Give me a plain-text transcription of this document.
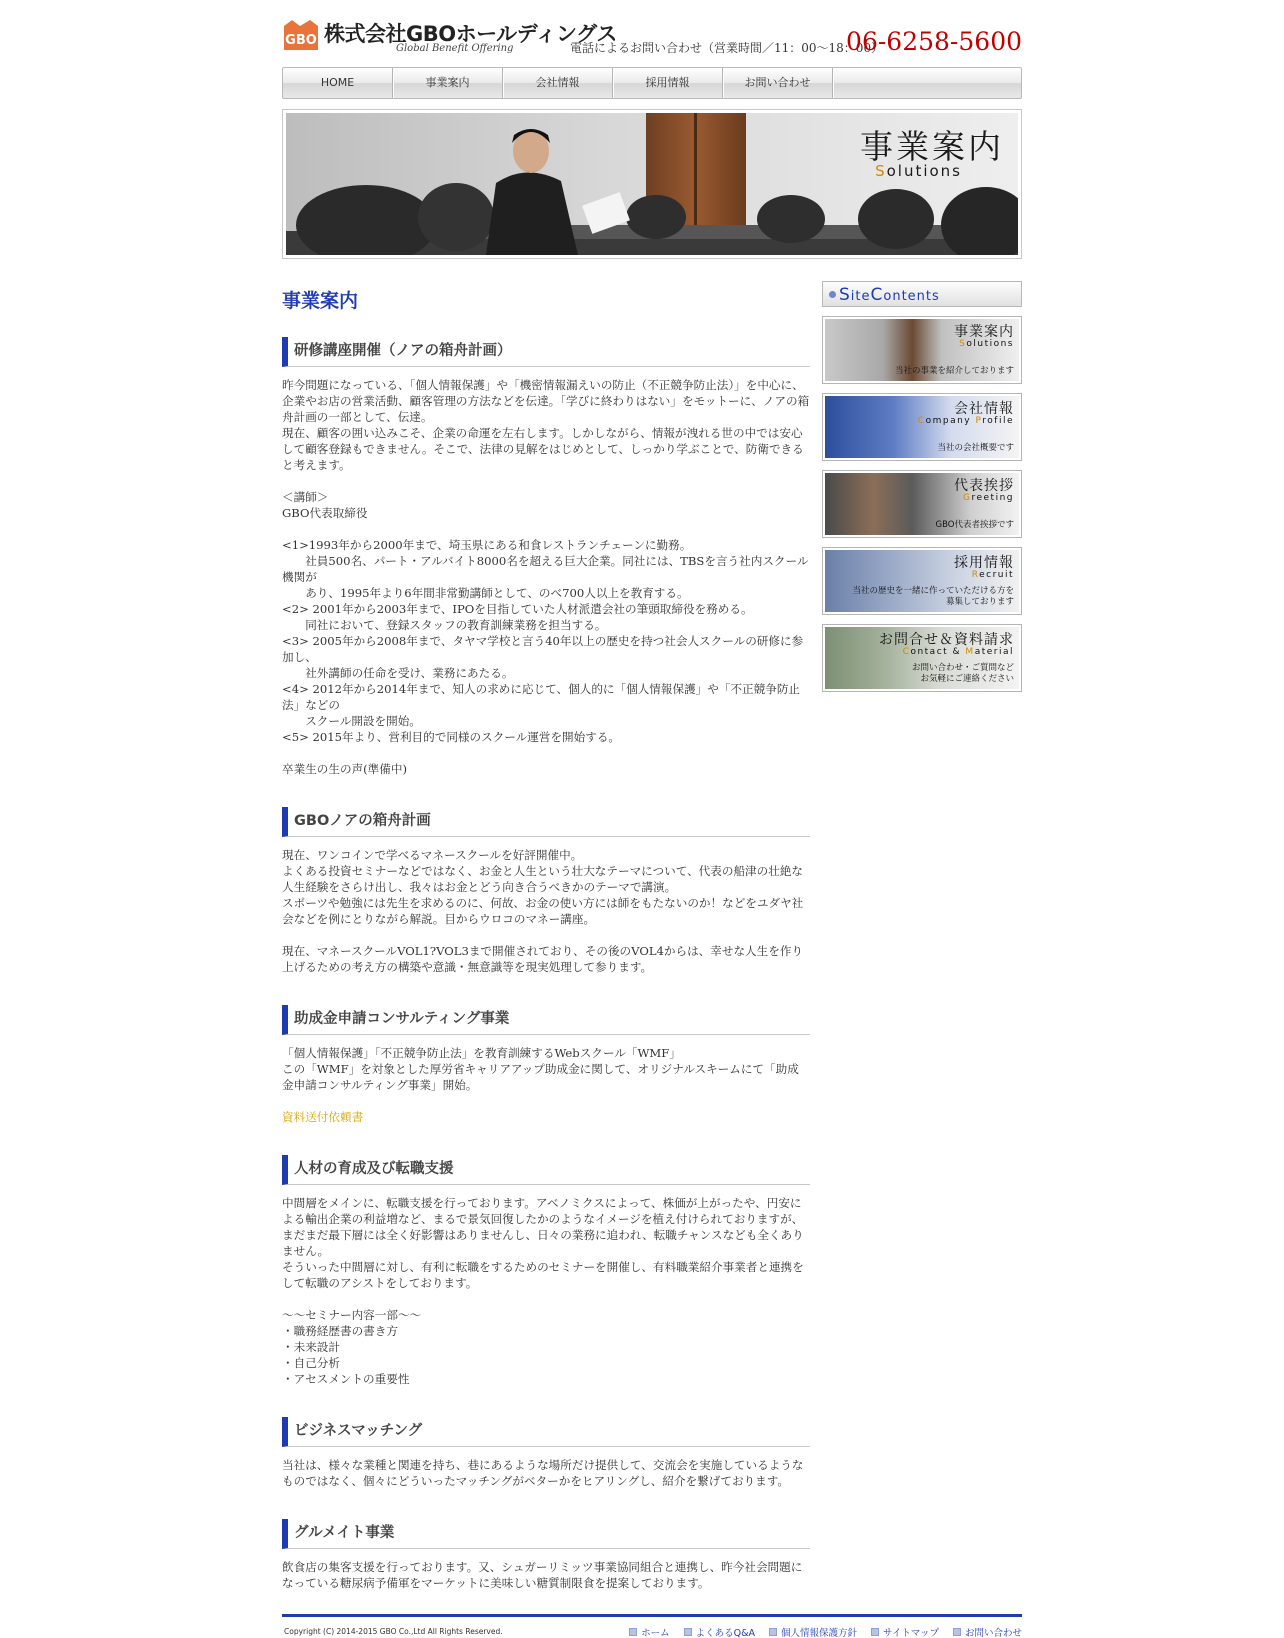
GBO 株式会社GBOホールディングス
Global Benefit Offering	電話によるお問い合わせ（営業時間／11：00～18：00）
06-6258-5600
HOME	事業案内	会社情報	採用情報	お問い合わせ
事業案内
Solutions
事業案内
研修講座開催（ノアの箱舟計画）

昨今問題になっている、「個人情報保護」や「機密情報漏えいの防止（不正競争防止法）」を中心に、企業やお店の営業活動、顧客管理の方法などを伝達。「学びに終わりはない」をモットーに、ノアの箱舟計画の一部として、伝達。

現在、顧客の囲い込みこそ、企業の命運を左右します。しかしながら、情報が洩れる世の中では安心して顧客登録もできません。そこで、法律の見解をはじめとして、しっかり学ぶことで、防衛できると考えます。

＜講師＞

GBO代表取締役

<1>1993年から2000年まで、埼玉県にある和食レストランチェーンに勤務。

　　社員500名、パート・アルバイト8000名を超える巨大企業。同社には、TBSを言う社内スクール機関が

　　あり、1995年より6年間非常勤講師として、のべ700人以上を教育する。

<2> 2001年から2003年まで、IPOを目指していた人材派遣会社の筆頭取締役を務める。

　　同社において、登録スタッフの教育訓練業務を担当する。

<3> 2005年から2008年まで、タヤマ学校と言う40年以上の歴史を持つ社会人スクールの研修に参加し、

　　社外講師の任命を受け、業務にあたる。

<4> 2012年から2014年まで、知人の求めに応じて、個人的に「個人情報保護」や「不正競争防止法」などの

　　スクール開設を開始。

<5> 2015年より、営利目的で同様のスクール運営を開始する。

卒業生の生の声(準備中)

GBOノアの箱舟計画

現在、ワンコインで学べるマネースクールを好評開催中。

よくある投資セミナーなどではなく、お金と人生という壮大なテーマについて、代表の船津の壮絶な人生経験をさらけ出し、我々はお金とどう向き合うべきかのテーマで講演。

スポーツや勉強には先生を求めるのに、何故、お金の使い方には師をもたないのか！などをユダヤ社会などを例にとりながら解説。目からウロコのマネー講座。

現在、マネースクールVOL1?VOL3まで開催されており、その後のVOL4からは、幸せな人生を作り上げるための考え方の構築や意識・無意識等を現実処理して参ります。

助成金申請コンサルティング事業

「個人情報保護」「不正競争防止法」を教育訓練するWebスクール「WMF」

この「WMF」を対象とした厚労省キャリアアップ助成金に関して、オリジナルスキームにて「助成金申請コンサルティング事業」開始。

資料送付依頼書

人材の育成及び転職支援

中間層をメインに、転職支援を行っております。アベノミクスによって、株価が上がったや、円安による輸出企業の利益増など、まるで景気回復したかのようなイメージを植え付けられておりますが、まだまだ最下層には全く好影響はありませんし、日々の業務に追われ、転職チャンスなども全くありません。

そういった中間層に対し、有利に転職をするためのセミナーを開催し、有料職業紹介事業者と連携をして転職のアシストをしております。

～～セミナー内容一部～～

・職務経歴書の書き方

・未来設計

・自己分析

・アセスメントの重要性

ビジネスマッチング

当社は、様々な業種と関連を持ち、巷にあるような場所だけ提供して、交流会を実施しているようなものではなく、個々にどういったマッチングがベターかをヒアリングし、紹介を繋げております。

グルメイト事業

飲食店の集客支援を行っております。又、シュガーリミッツ事業協同組合と連携し、昨今社会問題になっている糖尿病予備軍をマーケットに美味しい糖質制限食を提案しております。

SiteContents
事業案内
Solutions
当社の事業を紹介しております
会社情報
Company Profile
当社の会社概要です
代表挨拶
Greeting
GBO代表者挨拶です
採用情報
Recruit
当社の歴史を一緒に作っていただける方を
募集しております
お問合せ＆資料請求
Contact & Material
お問い合わせ・ご質問など
お気軽にご連絡ください
Copyright (C) 2014-2015 GBO Co.,Ltd All Rights Reserved.	ホーム	よくあるQ&A	個人情報保護方針	サイトマップ	お問い合わせ
